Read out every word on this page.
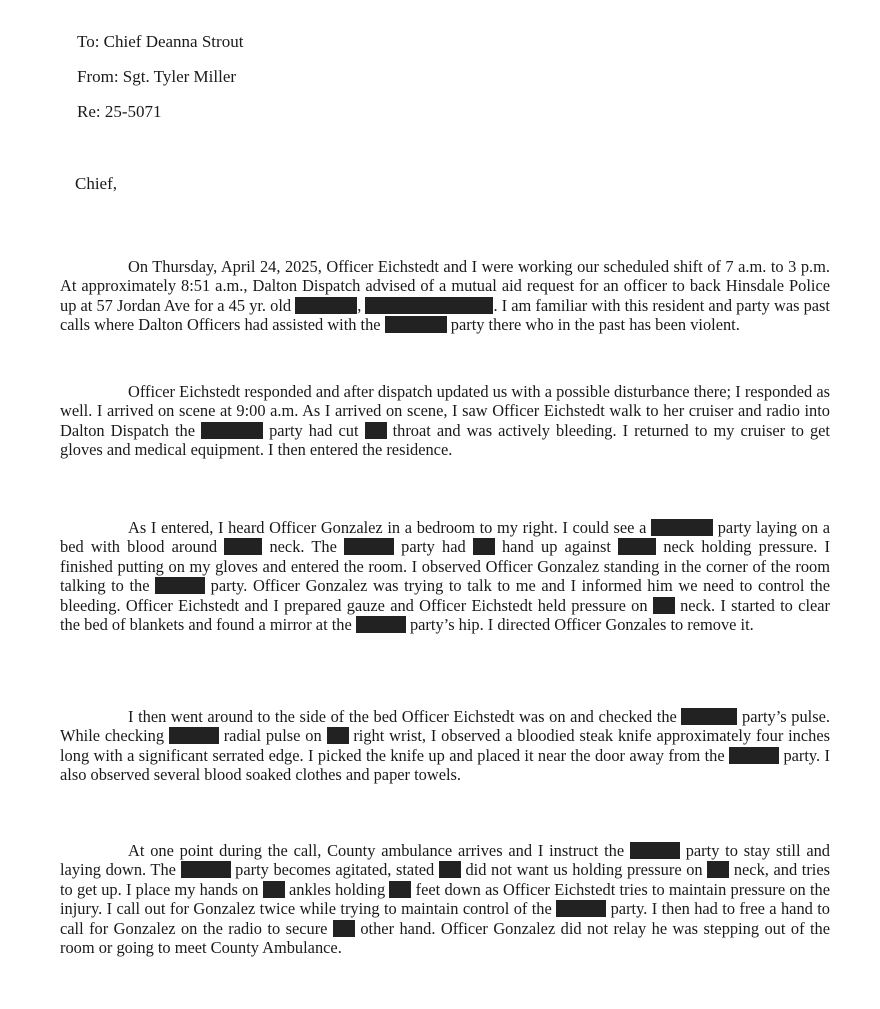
To: Chief Deanna Strout
From: Sgt. Tyler Miller
Re: 25-5071
Chief,

On Thursday, April 24, 2025, Officer Eichstedt and I were working our scheduled shift of 7 a.m. to 3 p.m. At approximately 8:51 a.m., Dalton Dispatch advised of a mutual aid request for an officer to back Hinsdale Police up at 57 Jordan Ave for a 45 yr. old	,	. I am familiar with this resident and party was past calls where Dalton Officers had assisted with the	party there who in the past has been violent.

Officer Eichstedt responded and after dispatch updated us with a possible disturbance there; I responded as well. I arrived on scene at 9:00 a.m. As I arrived on scene, I saw Officer Eichstedt walk to her cruiser and radio into Dalton Dispatch the	party had cut  throat and was actively bleeding. I returned to my cruiser to get gloves and medical equipment. I then entered the residence.

As I entered, I heard Officer Gonzalez in a bedroom to my right. I could see a	party laying on a bed with blood around  neck. The	party had  hand up against  neck holding pressure. I finished putting on my gloves and entered the room. I observed Officer Gonzalez standing in the corner of the room talking to the	party. Officer Gonzalez was trying to talk to me and I informed him we need to control the bleeding. Officer Eichstedt and I prepared gauze and Officer Eichstedt held pressure on  neck. I started to clear the bed of blankets and found a mirror at the	party’s hip. I directed Officer Gonzales to remove it.

I then went around to the side of the bed Officer Eichstedt was on and checked the	party’s pulse. While checking	radial pulse on  right wrist, I observed a bloodied steak knife approximately four inches long with a significant serrated edge. I picked the knife up and placed it near the door away from the	party. I also observed several blood soaked clothes and paper towels.

At one point during the call, County ambulance arrives and I instruct the	party to stay still and laying down. The	party becomes agitated, stated  did not want us holding pressure on  neck, and tries to get up. I place my hands on  ankles holding  feet down as Officer Eichstedt tries to maintain pressure on the injury. I call out for Gonzalez twice while trying to maintain control of the	party. I then had to free a hand to call for Gonzalez on the radio to secure  other hand. Officer Gonzalez did not relay he was stepping out of the room or going to meet County Ambulance.
